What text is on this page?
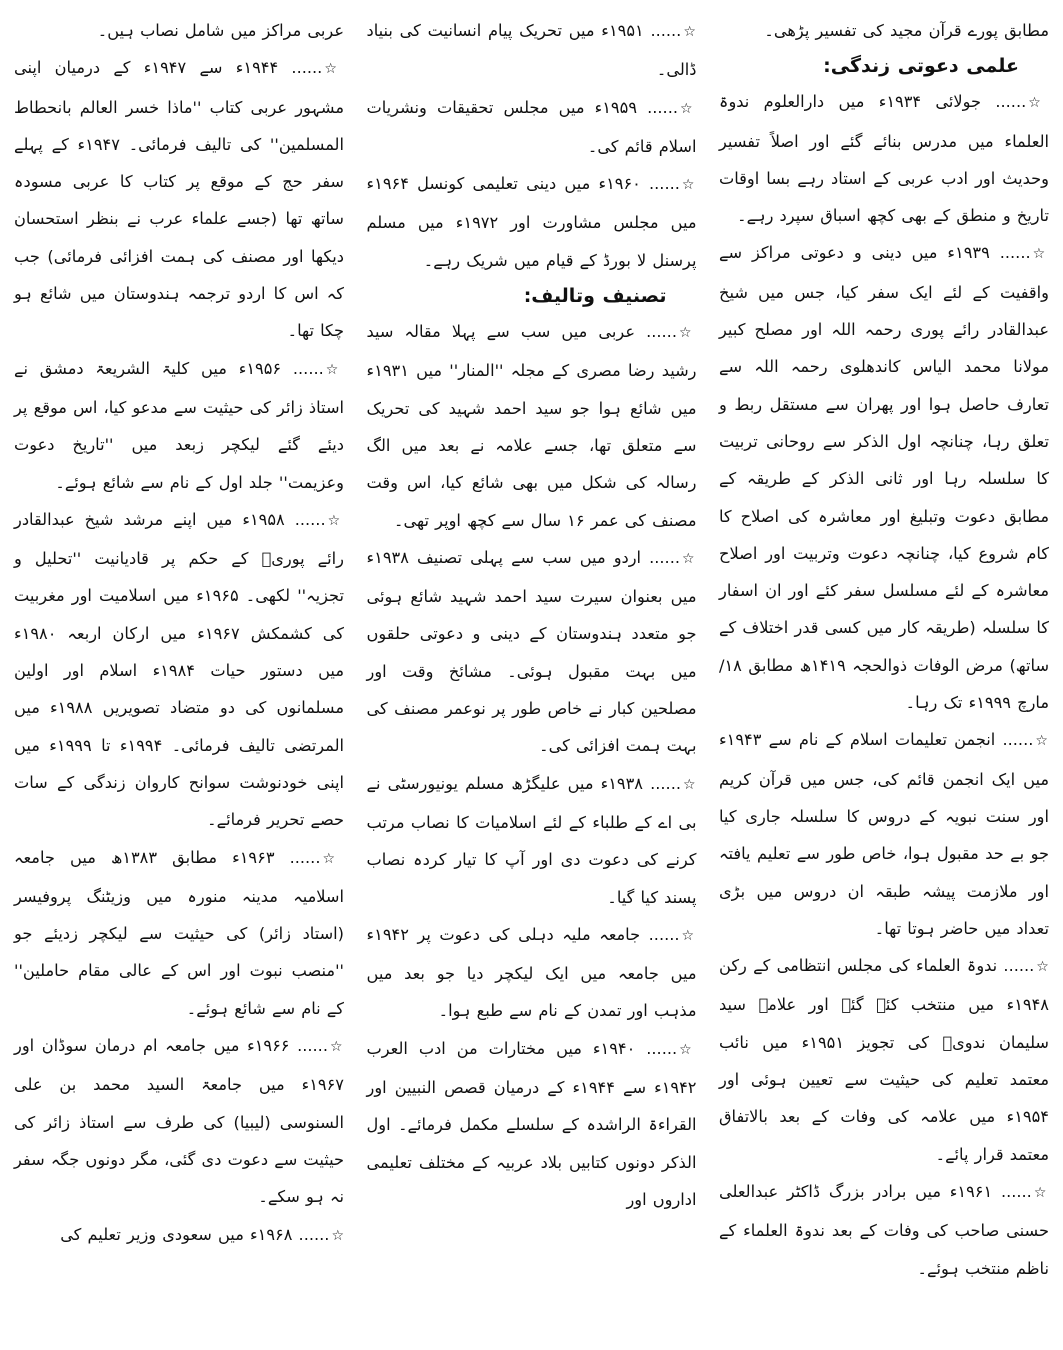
مطابق پورے قرآن مجید کی تفسیر پڑھی۔

علمی دعوتی زندگی:

☆...... جولائی ۱۹۳۴ء میں دارالعلوم ندوۃ العلماء میں مدرس بنائے گئے اور اصلاً تفسیر وحدیث اور ادب عربی کے استاد رہے بسا اوقات تاریخ و منطق کے بھی کچھ اسباق سپرد رہے۔

☆...... ۱۹۳۹ء میں دینی و دعوتی مراکز سے واقفیت کے لئے ایک سفر کیا، جس میں شیخ عبدالقادر رائے پوری رحمہ اللہ اور مصلح کبیر مولانا محمد الیاس کاندھلوی رحمہ اللہ سے تعارف حاصل ہوا اور پھران سے مستقل ربط و تعلق رہا، چنانچہ اول الذکر سے روحانی تربیت کا سلسلہ رہا اور ثانی الذکر کے طریقہ کے مطابق دعوت وتبلیغ اور معاشرہ کی اصلاح کا کام شروع کیا، چنانچہ دعوت وتربیت اور اصلاح معاشرہ کے لئے مسلسل سفر کئے اور ان اسفار کا سلسلہ (طریقہ کار میں کسی قدر اختلاف کے ساتھ) مرض الوفات ذوالحجہ ۱۴۱۹ھ مطابق ۱۸/ مارچ ۱۹۹۹ء تک رہا۔

☆...... انجمن تعلیمات اسلام کے نام سے ۱۹۴۳ء میں ایک انجمن قائم کی، جس میں قرآن کریم اور سنت نبویہ کے دروس کا سلسلہ جاری کیا جو بے حد مقبول ہوا، خاص طور سے تعلیم یافتہ اور ملازمت پیشہ طبقہ ان دروس میں بڑی تعداد میں حاضر ہوتا تھا۔

☆...... ندوۃ العلماء کی مجلس انتظامی کے رکن ۱۹۴۸ء میں منتخب کئے گئے اور علامہ سید سلیمان ندویؒ کی تجویز ۱۹۵۱ء میں نائب معتمد تعلیم کی حیثیت سے تعیین ہوئی اور ۱۹۵۴ء میں علامہ کی وفات کے بعد بالاتفاق معتمد قرار پائے۔

☆...... ۱۹۶۱ء میں برادر بزرگ ڈاکٹر عبدالعلی حسنی صاحب کی وفات کے بعد ندوۃ العلماء کے ناظم منتخب ہوئے۔

☆...... ۱۹۵۱ء میں تحریک پیام انسانیت کی بنیاد ڈالی۔

☆...... ۱۹۵۹ء میں مجلس تحقیقات ونشریات اسلام قائم کی۔

☆...... ۱۹۶۰ء میں دینی تعلیمی کونسل ۱۹۶۴ء میں مجلس مشاورت اور ۱۹۷۲ء میں مسلم پرسنل لا بورڈ کے قیام میں شریک رہے۔

تصنیف وتالیف:

☆...... عربی میں سب سے پہلا مقالہ سید رشید رضا مصری کے مجلہ ''المنار'' میں ۱۹۳۱ء میں شائع ہوا جو سید احمد شہید کی تحریک سے متعلق تھا، جسے علامہ نے بعد میں الگ رسالہ کی شکل میں بھی شائع کیا، اس وقت مصنف کی عمر ۱۶ سال سے کچھ اوپر تھی۔

☆...... اردو میں سب سے پہلی تصنیف ۱۹۳۸ء میں بعنوان سیرت سید احمد شہید شائع ہوئی جو متعدد ہندوستان کے دینی و دعوتی حلقوں میں بہت مقبول ہوئی۔ مشائخ وقت اور مصلحین کبار نے خاص طور پر نوعمر مصنف کی بہت ہمت افزائی کی۔

☆...... ۱۹۳۸ء میں علیگڑھ مسلم یونیورسٹی نے بی اے کے طلباء کے لئے اسلامیات کا نصاب مرتب کرنے کی دعوت دی اور آپ کا تیار کردہ نصاب پسند کیا گیا۔

☆...... جامعہ ملیہ دہلی کی دعوت پر ۱۹۴۲ء میں جامعہ میں ایک لیکچر دیا جو بعد میں مذہب اور تمدن کے نام سے طبع ہوا۔

☆...... ۱۹۴۰ء میں مختارات من ادب العرب ۱۹۴۲ء سے ۱۹۴۴ء کے درمیان قصص النبیین اور القراءۃ الراشدہ کے سلسلے مکمل فرمائے۔ اول الذکر دونوں کتابیں بلاد عربیہ کے مختلف تعلیمی اداروں اور

عربی مراکز میں شامل نصاب ہیں۔

☆...... ۱۹۴۴ء سے ۱۹۴۷ء کے درمیان اپنی مشہور عربی کتاب ''ماذا خسر العالم بانحطاط المسلمین'' کی تالیف فرمائی۔ ۱۹۴۷ء کے پہلے سفر حج کے موقع پر کتاب کا عربی مسودہ ساتھ تھا (جسے علماء عرب نے بنظر استحسان دیکھا اور مصنف کی ہمت افزائی فرمائی) جب کہ اس کا اردو ترجمہ ہندوستان میں شائع ہو چکا تھا۔

☆...... ۱۹۵۶ء میں کلیۃ الشریعۃ دمشق نے استاذ زائر کی حیثیت سے مدعو کیا، اس موقع پر دیئے گئے لیکچر زبعد میں ''تاریخ دعوت وعزیمت'' جلد اول کے نام سے شائع ہوئے۔

☆...... ۱۹۵۸ء میں اپنے مرشد شیخ عبدالقادر رائے پوریؒ کے حکم پر قادیانیت ''تحلیل و تجزیہ'' لکھی۔ ۱۹۶۵ء میں اسلامیت اور مغربیت کی کشمکش ۱۹۶۷ء میں ارکان اربعہ ۱۹۸۰ء میں دستور حیات ۱۹۸۴ء اسلام اور اولین مسلمانوں کی دو متضاد تصویریں ۱۹۸۸ء میں المرتضی تالیف فرمائی۔ ۱۹۹۴ء تا ۱۹۹۹ء میں اپنی خودنوشت سوانح کاروان زندگی کے سات حصے تحریر فرمائے۔

☆...... ۱۹۶۳ء مطابق ۱۳۸۳ھ میں جامعہ اسلامیہ مدینہ منورہ میں وزیٹنگ پروفیسر (استاد زائر) کی حیثیت سے لیکچر زدیئے جو ''منصب نبوت اور اس کے عالی مقام حاملین'' کے نام سے شائع ہوئے۔

☆...... ۱۹۶۶ء میں جامعہ ام درمان سوڈان اور ۱۹۶۷ء میں جامعۃ السید محمد بن علی السنوسی (لیبیا) کی طرف سے استاذ زائر کی حیثیت سے دعوت دی گئی، مگر دونوں جگہ سفر نہ ہو سکے۔

☆...... ۱۹۶۸ء میں سعودی وزیر تعلیم کی
